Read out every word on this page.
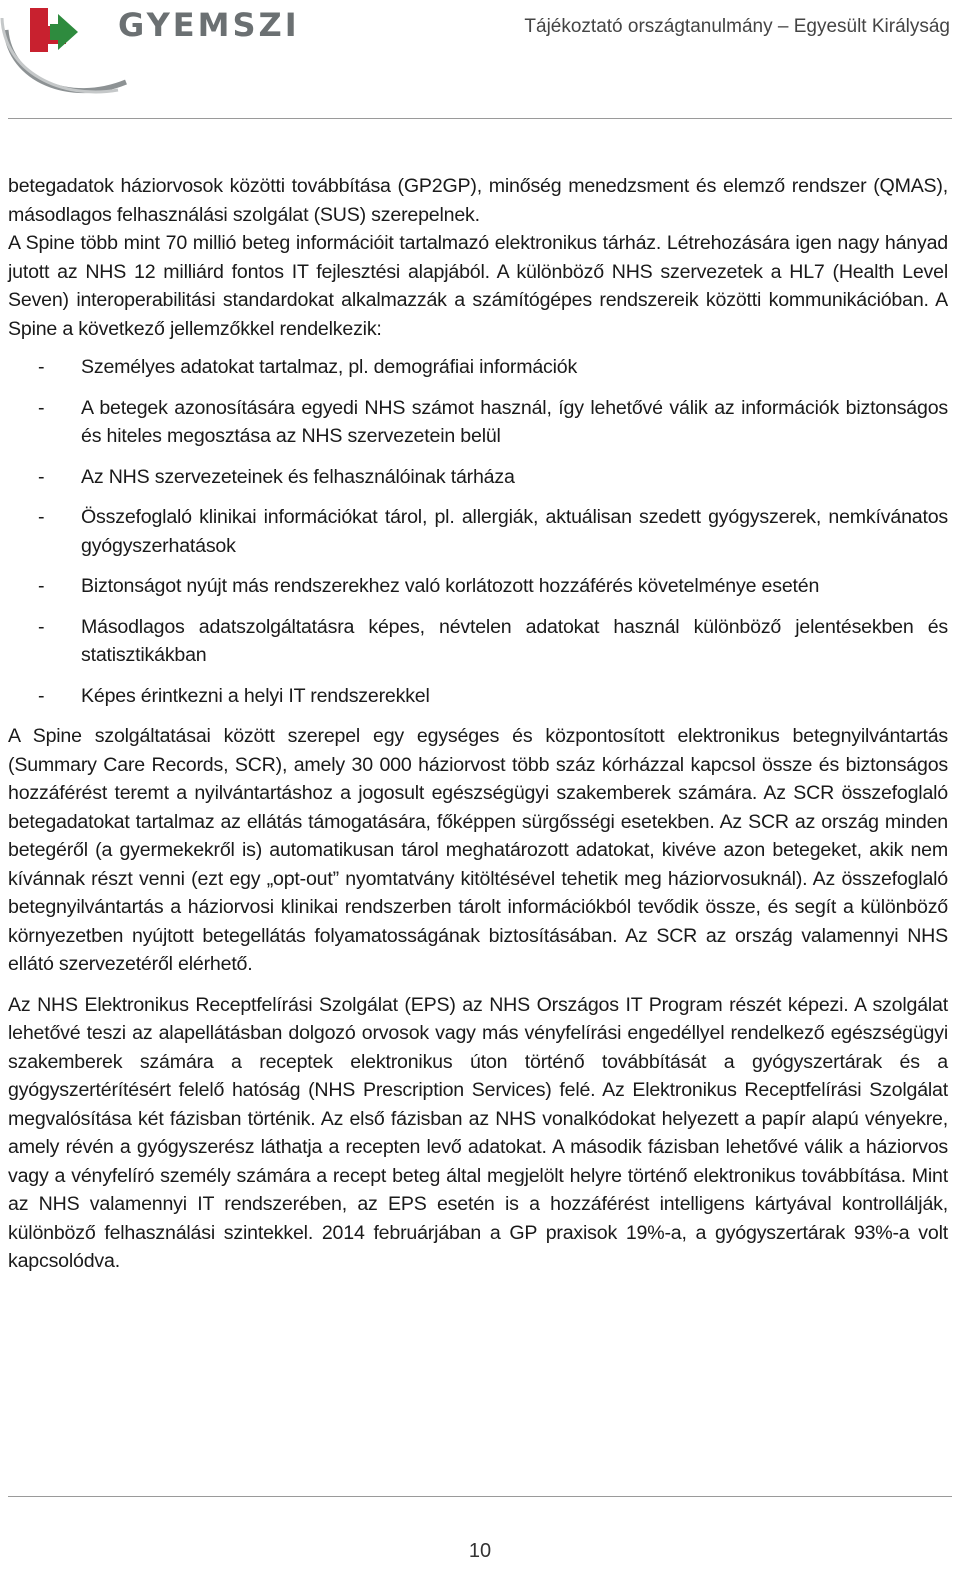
GYEMSZI	Tájékoztató országtanulmány – Egyesült Királyság

betegadatok háziorvosok közötti továbbítása (GP2GP), minőség menedzsment és elemző rendszer (QMAS), másodlagos felhasználási szolgálat (SUS) szerepelnek.

A Spine több mint 70 millió beteg információit tartalmazó elektronikus tárház. Létrehozására igen nagy hányad jutott az NHS 12 milliárd fontos IT fejlesztési alapjából. A különböző NHS szervezetek a HL7 (Health Level Seven) interoperabilitási standardokat alkalmazzák a számítógépes rendszereik közötti kommunikációban. A Spine a következő jellemzőkkel rendelkezik:

- Személyes adatokat tartalmaz, pl. demográfiai információk
- A betegek azonosítására egyedi NHS számot használ, így lehetővé válik az információk biztonságos és hiteles megosztása az NHS szervezetein belül
- Az NHS szervezeteinek és felhasználóinak tárháza
- Összefoglaló klinikai információkat tárol, pl. allergiák, aktuálisan szedett gyógyszerek, nemkívánatos gyógyszerhatások
- Biztonságot nyújt más rendszerekhez való korlátozott hozzáférés követelménye esetén
- Másodlagos adatszolgáltatásra képes, névtelen adatokat használ különböző jelentésekben és statisztikákban
- Képes érintkezni a helyi IT rendszerekkel

A Spine szolgáltatásai között szerepel egy egységes és központosított elektronikus betegnyilvántartás (Summary Care Records, SCR), amely 30 000 háziorvost több száz kórházzal kapcsol össze és biztonságos hozzáférést teremt a nyilvántartáshoz a jogosult egészségügyi szakemberek számára. Az SCR összefoglaló betegadatokat tartalmaz az ellátás támogatására, főképpen sürgősségi esetekben. Az SCR az ország minden betegéről (a gyermekekről is) automatikusan tárol meghatározott adatokat, kivéve azon betegeket, akik nem kívánnak részt venni (ezt egy „opt-out” nyomtatvány kitöltésével tehetik meg háziorvosuknál). Az összefoglaló betegnyilvántartás a háziorvosi klinikai rendszerben tárolt információkból tevődik össze, és segít a különböző környezetben nyújtott betegellátás folyamatosságának biztosításában. Az SCR az ország valamennyi NHS ellátó szervezetéről elérhető.

Az NHS Elektronikus Receptfelírási Szolgálat (EPS) az NHS Országos IT Program részét képezi. A szolgálat lehetővé teszi az alapellátásban dolgozó orvosok vagy más vényfelírási engedéllyel rendelkező egészségügyi szakemberek számára a receptek elektronikus úton történő továbbítását a gyógyszertárak és a gyógyszertérítésért felelő hatóság (NHS Prescription Services) felé. Az Elektronikus Receptfelírási Szolgálat megvalósítása két fázisban történik. Az első fázisban az NHS vonalkódokat helyezett a papír alapú vényekre, amely révén a gyógyszerész láthatja a recepten levő adatokat. A második fázisban lehetővé válik a háziorvos vagy a vényfelíró személy számára a recept beteg által megjelölt helyre történő elektronikus továbbítása. Mint az NHS valamennyi IT rendszerében, az EPS esetén is a hozzáférést intelligens kártyával kontrollálják, különböző felhasználási szintekkel. 2014 februárjában a GP praxisok 19%-a, a gyógyszertárak 93%-a volt kapcsolódva.

10
